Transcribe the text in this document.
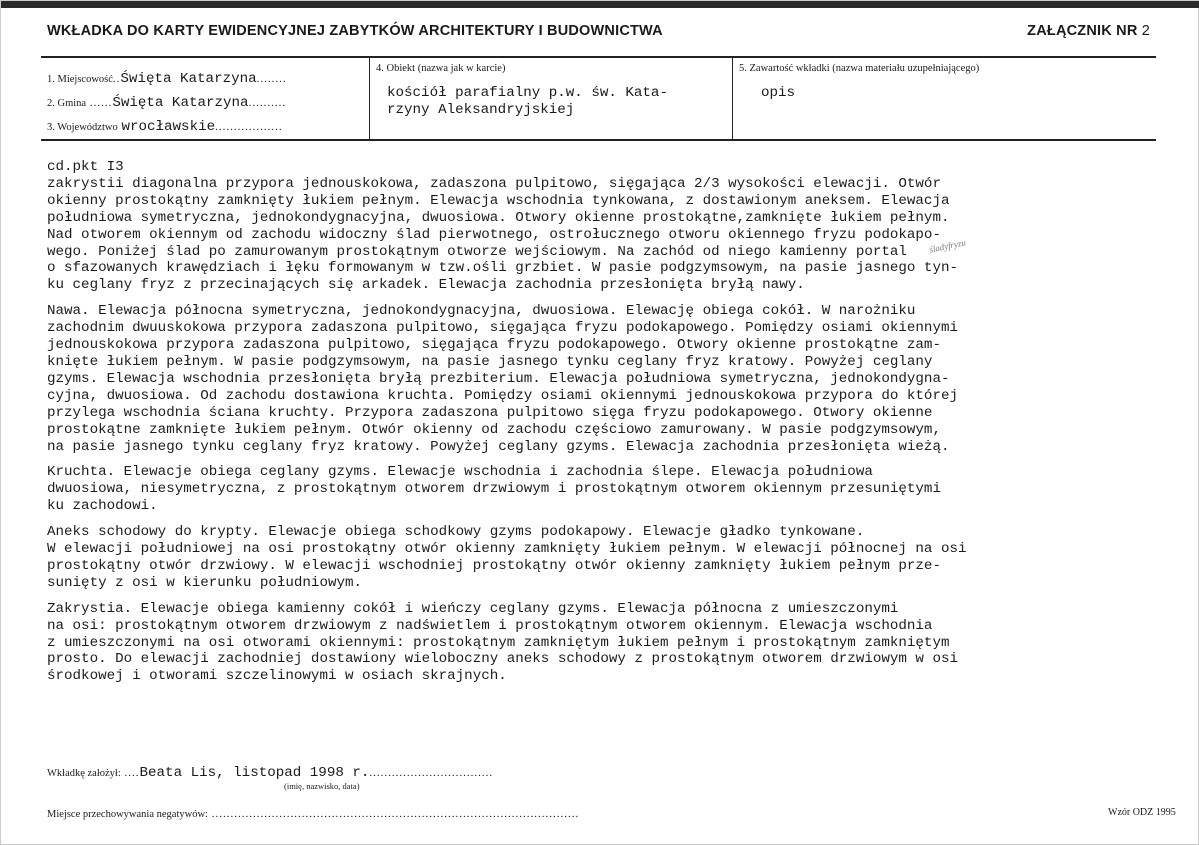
WKŁADKA DO KARTY EWIDENCYJNEJ ZABYTKÓW ARCHITEKTURY I BUDOWNICTWA	ZAŁĄCZNIK NR 2
1. Miejscowość..Święta Katarzyna........
2. Gmina ......Święta Katarzyna..........
3. Województwo wrocławskie..................
4. Obiekt (nazwa jak w karcie)
kościół parafialny p.w. św. Kata-
rzyny Aleksandryjskiej
5. Zawartość wkładki (nazwa materiału uzupełniającego)
opis

cd.pkt I3

zakrystii diagonalna przypora jednouskokowa, zadaszona pulpitowo, sięgająca 2/3 wysokości elewacji. Otwór

okienny prostokątny zamknięty łukiem pełnym. Elewacja wschodnia tynkowana, z dostawionym aneksem. Elewacja

południowa symetryczna, jednokondygnacyjna, dwuosiowa. Otwory okienne prostokątne,zamknięte łukiem pełnym.

Nad otworem okiennym od zachodu widoczny ślad pierwotnego, ostrołucznego otworu okiennego fryzu podokapo-

wego. Poniżej ślad po zamurowanym prostokątnym otworze wejściowym. Na zachód od niego kamienny portal

o sfazowanych krawędziach i łęku formowanym w tzw.ośli grzbiet. W pasie podgzymsowym, na pasie jasnego tyn-

ku ceglany fryz z przecinających się arkadek. Elewacja zachodnia przesłonięta bryłą nawy.

Nawa. Elewacja północna symetryczna, jednokondygnacyjna, dwuosiowa. Elewację obiega cokół. W narożniku

zachodnim dwuuskokowa przypora zadaszona pulpitowo, sięgająca fryzu podokapowego. Pomiędzy osiami okiennymi

jednouskokowa przypora zadaszona pulpitowo, sięgająca fryzu podokapowego. Otwory okienne prostokątne zam-

knięte łukiem pełnym. W pasie podgzymsowym, na pasie jasnego tynku ceglany fryz kratowy. Powyżej ceglany

gzyms. Elewacja wschodnia przesłonięta bryłą prezbiterium. Elewacja południowa symetryczna, jednokondygna-

cyjna, dwuosiowa. Od zachodu dostawiona kruchta. Pomiędzy osiami okiennymi jednouskokowa przypora do której

przylega wschodnia ściana kruchty. Przypora zadaszona pulpitowo sięga fryzu podokapowego. Otwory okienne

prostokątne zamknięte łukiem pełnym. Otwór okienny od zachodu częściowo zamurowany. W pasie podgzymsowym,

na pasie jasnego tynku ceglany fryz kratowy. Powyżej ceglany gzyms. Elewacja zachodnia przesłonięta wieżą.

Kruchta. Elewacje obiega ceglany gzyms. Elewacje wschodnia i zachodnia ślepe. Elewacja południowa

dwuosiowa, niesymetryczna, z prostokątnym otworem drzwiowym i prostokątnym otworem okiennym przesuniętymi

ku zachodowi.

Aneks schodowy do krypty. Elewacje obiega schodkowy gzyms podokapowy. Elewacje gładko tynkowane.

W elewacji południowej na osi prostokątny otwór okienny zamknięty łukiem pełnym. W elewacji północnej na osi

prostokątny otwór drzwiowy. W elewacji wschodniej prostokątny otwór okienny zamknięty łukiem pełnym prze-

sunięty z osi w kierunku południowym.

Zakrystia. Elewacje obiega kamienny cokół i wieńczy ceglany gzyms. Elewacja północna z umieszczonymi

na osi: prostokątnym otworem drzwiowym z nadświetlem i prostokątnym otworem okiennym. Elewacja wschodnia

z umieszczonymi na osi otworami okiennymi: prostokątnym zamkniętym łukiem pełnym i prostokątnym zamkniętym

prosto. Do elewacji zachodniej dostawiony wieloboczny aneks schodowy z prostokątnym otworem drzwiowym w osi

środkowej i otworami szczelinowymi w osiach skrajnych.

śladyfryzu
Wkładkę założył: ....Beata Lis, listopad 1998 r..................................
(imię, nazwisko, data)
Miejsce przechowywania negatywów: ..................................................................................................	Wzór ODZ 1995
